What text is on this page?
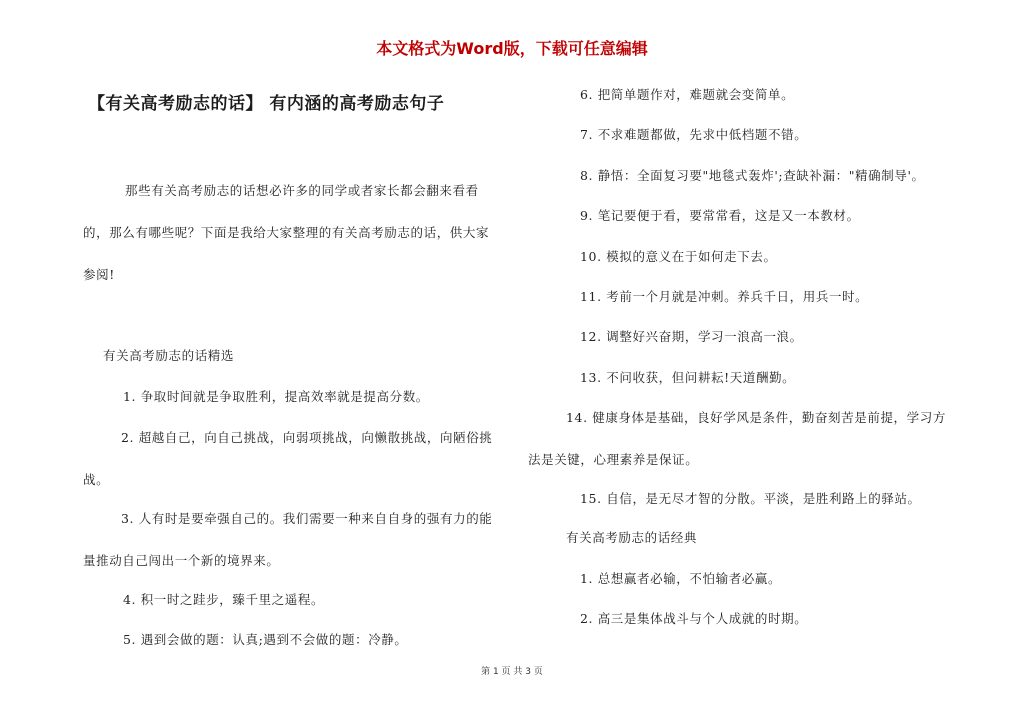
本文格式为Word版，下载可任意编辑
【有关高考励志的话】 有内涵的高考励志句子

那些有关高考励志的话想必许多的同学或者家长都会翻来看看的，那么有哪些呢？下面是我给大家整理的有关高考励志的话，供大家参阅!

有关高考励志的话精选

1. 争取时间就是争取胜利，提高效率就是提高分数。

2. 超越自己，向自己挑战，向弱项挑战，向懒散挑战，向陋俗挑战。

3. 人有时是要牵强自己的。我们需要一种来自自身的强有力的能量推动自己闯出一个新的境界来。

4. 积一时之跬步，臻千里之遥程。

5. 遇到会做的题：认真;遇到不会做的题：冷静。

6. 把简单题作对，难题就会变简单。

7. 不求难题都做，先求中低档题不错。

8. 静悟：全面复习要"地毯式轰炸';查缺补漏："精确制导'。

9. 笔记要便于看，要常常看，这是又一本教材。

10. 模拟的意义在于如何走下去。

11. 考前一个月就是冲刺。养兵千日，用兵一时。

12. 调整好兴奋期，学习一浪高一浪。

13. 不问收获，但问耕耘!天道酬勤。

14. 健康身体是基础，良好学风是条件，勤奋刻苦是前提，学习方法是关键，心理素养是保证。

15. 自信，是无尽才智的分散。平淡，是胜利路上的驿站。

有关高考励志的话经典

1. 总想赢者必输，不怕输者必赢。

2. 高三是集体战斗与个人成就的时期。

第 1 页 共 3 页
